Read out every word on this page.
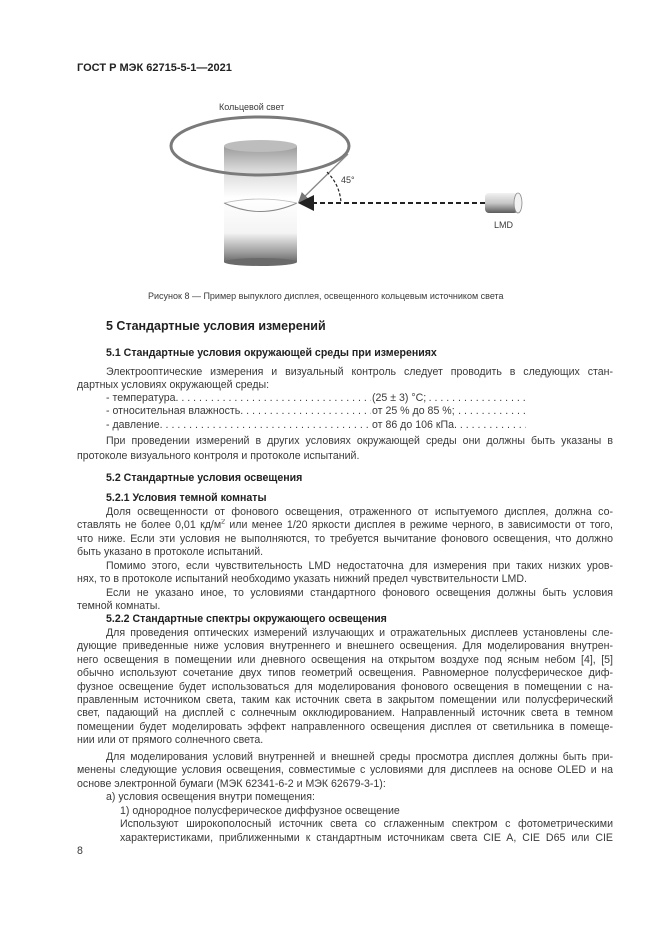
ГОСТ Р МЭК 62715-5-1—2021
Кольцевой свет
45°
LMD
Рисунок 8 — Пример выпуклого дисплея, освещенного кольцевым источником света
5 Стандартные условия измерений
5.1 Стандартные условия окружающей среды при измерениях
Электрооптические измерения и визуальный контроль следует проводить в следующих стан-
дартных условиях окружающей среды:
- температура . . .	(25 ± 3) °C;
- относительная влажность . . .	от 25 % до 85 %;
- давление . . .	от 86 до 106 кПа.
При проведении измерений в других условиях окружающей среды они должны быть указаны в
протоколе визуального контроля и протоколе испытаний.
5.2 Стандартные условия освещения
5.2.1 Условия темной комнаты
Доля освещенности от фонового освещения, отраженного от испытуемого дисплея, должна со-
ставлять не более 0,01 $кд/м^2$ или менее 1/20 яркости дисплея в режиме черного, в зависимости от того,
что ниже. Если эти условия не выполняются, то требуется вычитание фонового освещения, что должно
быть указано в протоколе испытаний.
Помимо этого, если чувствительность LMD недостаточна для измерения при таких низких уров-
нях, то в протоколе испытаний необходимо указать нижний предел чувствительности LMD.
Если не указано иное, то условиями стандартного фонового освещения должны быть условия
темной комнаты.
5.2.2 Стандартные спектры окружающего освещения
Для проведения оптических измерений излучающих и отражательных дисплеев установлены сле-
дующие приведенные ниже условия внутреннего и внешнего освещения. Для моделирования внутрен-
него освещения в помещении или дневного освещения на открытом воздухе под ясным небом [4], [5]
обычно используют сочетание двух типов геометрий освещения. Равномерное полусферическое диф-
фузное освещение будет использоваться для моделирования фонового освещения в помещении с на-
правленным источником света, таким как источник света в закрытом помещении или полусферический
свет, падающий на дисплей с солнечным окклюдированием. Направленный источник света в темном
помещении будет моделировать эффект направленного освещения дисплея от светильника в помеще-
нии или от прямого солнечного света.
Для моделирования условий внутренней и внешней среды просмотра дисплея должны быть при-
менены следующие условия освещения, совместимые с условиями для дисплеев на основе OLED и на
основе электронной бумаги (МЭК 62341-6-2 и МЭК 62679-3-1):
а) условия освещения внутри помещения:
1) однородное полусферическое диффузное освещение
Используют широкополосный источник света со сглаженным спектром с фотометрическими
характеристиками, приближенными к стандартным источникам света CIE A, CIE D65 или CIE
8
